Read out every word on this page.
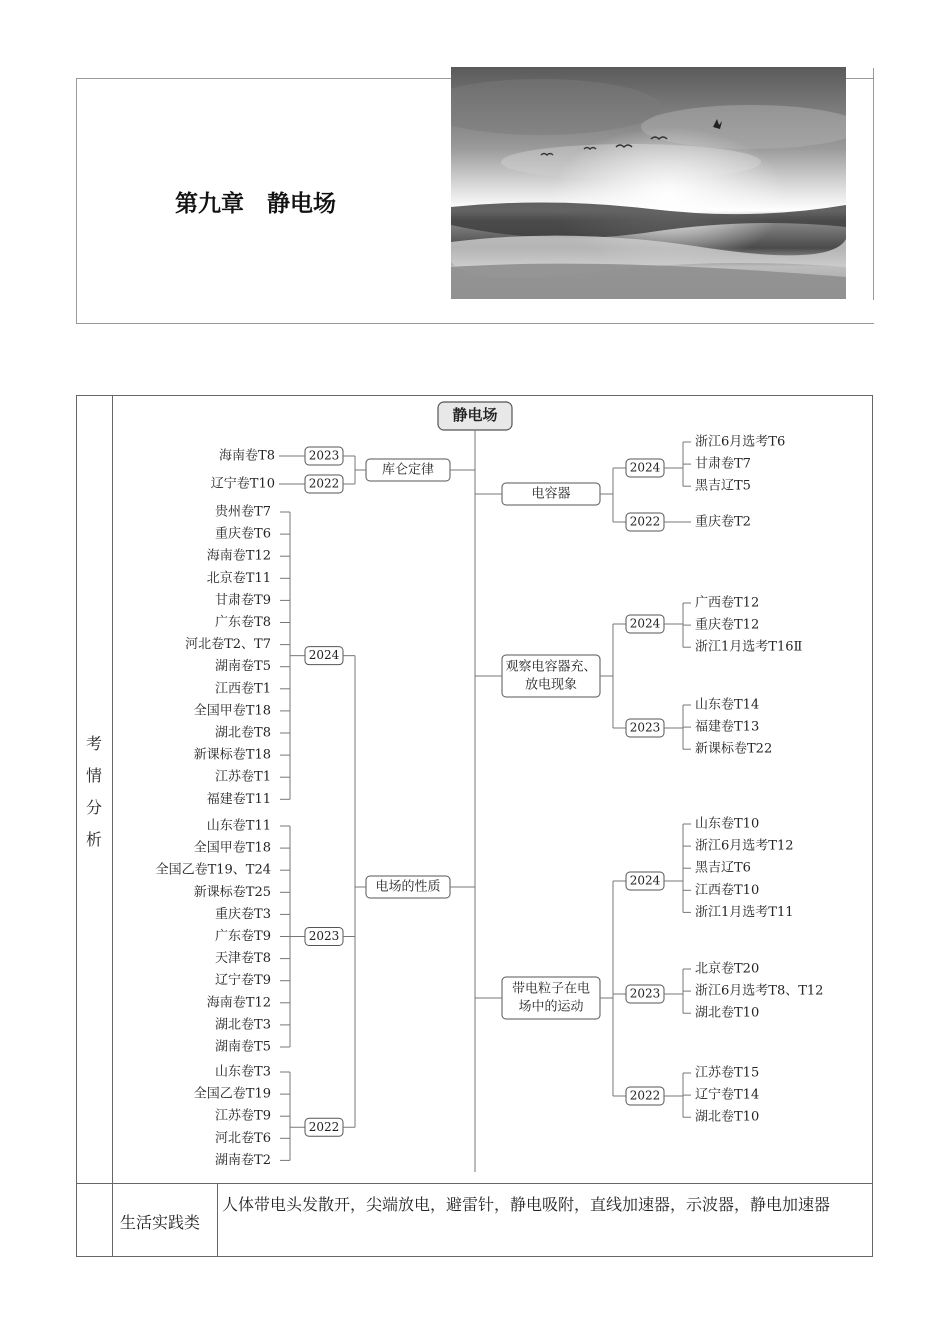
第九章　静电场
考情分析
生活实践类
人体带电头发散开，尖端放电，避雷针，静电吸附，直线加速器，示波器，静电加速器
静电场
库仑定律
2023
海南卷T8
2022
辽宁卷T10
贵州卷T7
重庆卷T6
海南卷T12
北京卷T11
甘肃卷T9
广东卷T8
河北卷T2、T7
湖南卷T5
江西卷T1
全国甲卷T18
湖北卷T8
新课标卷T18
江苏卷T1
福建卷T11
2024
山东卷T11
全国甲卷T18
全国乙卷T19、T24
新课标卷T25
重庆卷T3
广东卷T9
天津卷T8
辽宁卷T9
海南卷T12
湖北卷T3
湖南卷T5
2023
山东卷T3
全国乙卷T19
江苏卷T9
河北卷T6
湖南卷T2
2022
电场的性质
电容器
2024
浙江6月选考T6
甘肃卷T7
黑吉辽T5
2022	重庆卷T2
观察电容器充、
放电现象
2024
广西卷T12
重庆卷T12
浙江1月选考T16Ⅱ
2023
山东卷T14
福建卷T13
新课标卷T22
带电粒子在电
场中的运动
2024
山东卷T10
浙江6月选考T12
黑吉辽T6
江西卷T10
浙江1月选考T11
2023
北京卷T20
浙江6月选考T8、T12
湖北卷T10
2022
江苏卷T15
辽宁卷T14
湖北卷T10
